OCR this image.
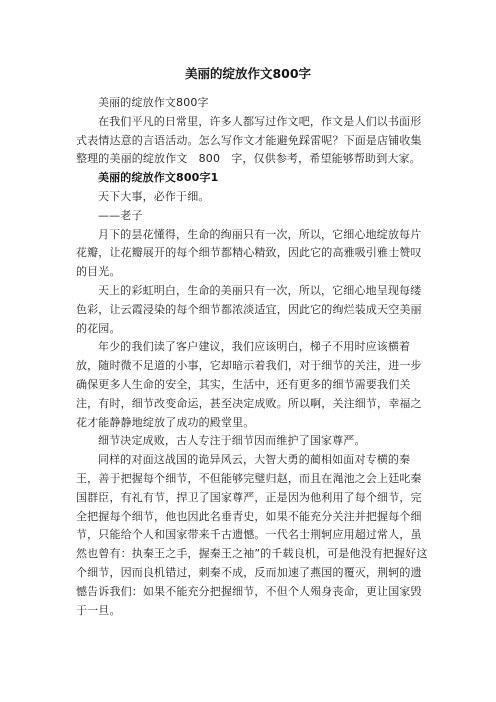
美丽的绽放作文800字

美丽的绽放作文800字

在我们平凡的日常里，许多人都写过作文吧，作文是人们以书面形式表情达意的言语活动。怎么写作文才能避免踩雷呢？下面是店铺收集整理的美丽的绽放作文　800　字，仅供参考，希望能够帮助到大家。

美丽的绽放作文800字1

天下大事，必作于细。

——老子

月下的昙花懂得，生命的绚丽只有一次，所以，它细心地绽放每片花瓣，让花瓣展开的每个细节都精心精致，因此它的高雅吸引雅士赞叹的目光。

天上的彩虹明白，生命的美丽只有一次，所以，它细心地呈现每缕色彩，让云霞浸染的每个细节都浓淡适宜，因此它的绚烂装成天空美丽的花园。

年少的我们读了客户建议，我们应该明白，梯子不用时应该横着放，随时微不足道的小事，它却暗示着我们，对于细节的关注，进一步确保更多人生命的安全，其实，生活中，还有更多的细节需要我们关注，有时，细节改变命运，甚至决定成败。所以啊，关注细节，幸福之花才能静静地绽放了成功的殿堂里。

细节决定成败，古人专注于细节因而维护了国家尊严。

同样的对面这战国的诡异风云，大智大勇的蔺相如面对专横的秦王，善于把握每个细节，不但能够完璧归赵，而且在渑池之会上廷叱秦国群臣，有礼有节，捍卫了国家尊严，正是因为他利用了每个细节，完全把握每个细节，他也因此名垂青史，如果不能充分关注并把握每个细节，只能给个人和国家带来千古遗憾。一代名士荆轲应用超过常人，虽然也曾有：执秦王之手，握秦王之袖”的千载良机，可是他没有把握好这个细节，因而良机错过，刺秦不成，反而加速了燕国的覆灭，荆轲的遗憾告诉我们：如果不能充分把握细节，不但个人殒身丧命，更让国家毁于一旦。
